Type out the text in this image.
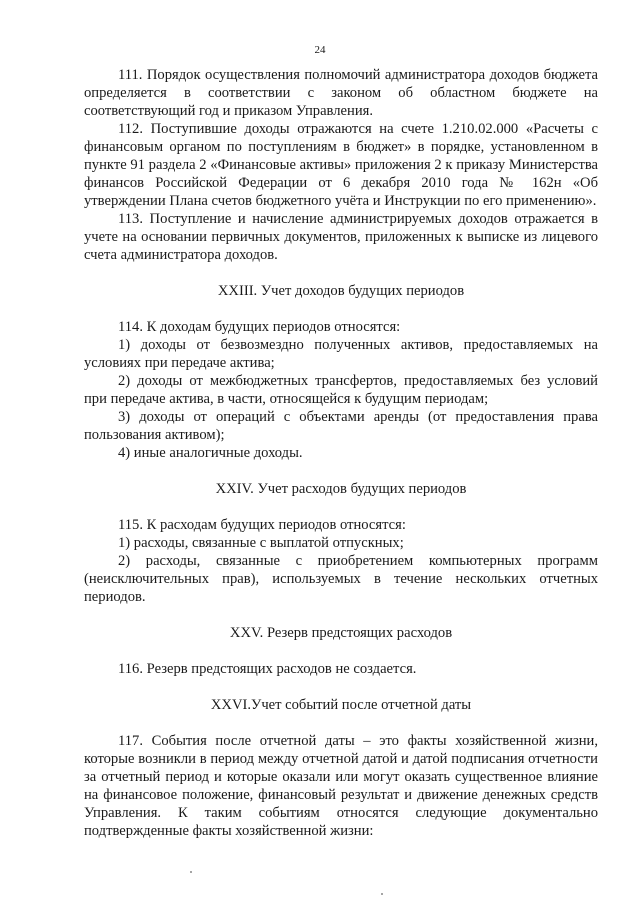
24

111. Порядок осуществления полномочий администратора доходов бюджета определяется в соответствии с законом об областном бюджете на соответствующий год и приказом Управления.

112. Поступившие доходы отражаются на счете 1.210.02.000 «Расчеты с финансовым органом по поступлениям в бюджет» в порядке, установленном в пункте 91 раздела 2 «Финансовые активы» приложения 2 к приказу Министерства финансов Российской Федерации от 6 декабря 2010 года № 162н «Об утверждении Плана счетов бюджетного учёта и Инструкции по его применению».

113. Поступление и начисление администрируемых доходов отражается в учете на основании первичных документов, приложенных к выписке из лицевого счета администратора доходов.

XXIII. Учет доходов будущих периодов

114. К доходам будущих периодов относятся:

1) доходы от безвозмездно полученных активов, предоставляемых на условиях при передаче актива;

2) доходы от межбюджетных трансфертов, предоставляемых без условий при передаче актива, в части, относящейся к будущим периодам;

3) доходы от операций с объектами аренды (от предоставления права пользования активом);

4) иные аналогичные доходы.

XXIV. Учет расходов будущих периодов

115. К расходам будущих периодов относятся:

1) расходы, связанные с выплатой отпускных;

2) расходы, связанные с приобретением компьютерных программ (неисключительных прав), используемых в течение нескольких отчетных периодов.

XXV. Резерв предстоящих расходов

116. Резерв предстоящих расходов не создается.

XXVI.Учет событий после отчетной даты

117. События после отчетной даты – это факты хозяйственной жизни, которые возникли в период между отчетной датой и датой подписания отчетности за отчетный период и которые оказали или могут оказать существенное влияние на финансовое положение, финансовый результат и движение денежных средств Управления. К таким событиям относятся следующие документально подтвержденные факты хозяйственной жизни:
